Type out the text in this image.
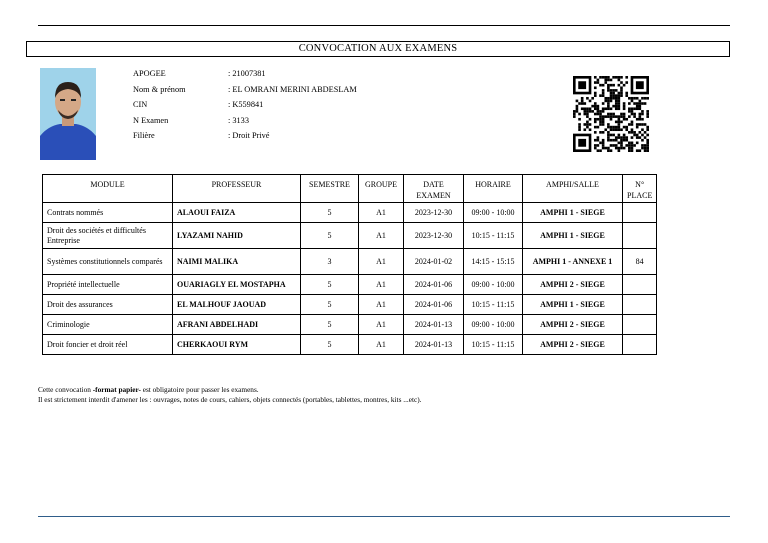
CONVOCATION AUX EXAMENS
APOGEE	: 21007381
Nom & prénom	: EL OMRANI MERINI ABDESLAM
CIN	: K559841
N Examen	: 3133
Filière	: Droit Privé
MODULE	PROFESSEUR	SEMESTRE	GROUPE	DATE EXAMEN	HORAIRE	AMPHI/SALLE	N° PLACE
Contrats nommés	ALAOUI FAIZA	5	A1	2023-12-30	09:00 - 10:00	AMPHI 1 - SIEGE	
Droit des sociétés et difficultés Entreprise	LYAZAMI NAHID	5	A1	2023-12-30	10:15 - 11:15	AMPHI 1 - SIEGE	
Systèmes constitutionnels comparés	NAIMI MALIKA	3	A1	2024-01-02	14:15 - 15:15	AMPHI 1 - ANNEXE 1	84
Propriété intellectuelle	OUARIAGLY EL MOSTAPHA	5	A1	2024-01-06	09:00 - 10:00	AMPHI 2 - SIEGE	
Droit des assurances	EL MALHOUF JAOUAD	5	A1	2024-01-06	10:15 - 11:15	AMPHI 1 - SIEGE	
Criminologie	AFRANI ABDELHADI	5	A1	2024-01-13	09:00 - 10:00	AMPHI 2 - SIEGE	
Droit foncier et droit réel	CHERKAOUI RYM	5	A1	2024-01-13	10:15 - 11:15	AMPHI 2 - SIEGE	
Cette convocation -format papier- est obligatoire pour passer les examens.
Il est strictement interdit d'amener les : ouvrages, notes de cours, cahiers, objets connectés (portables, tablettes, montres, kits ...etc).
